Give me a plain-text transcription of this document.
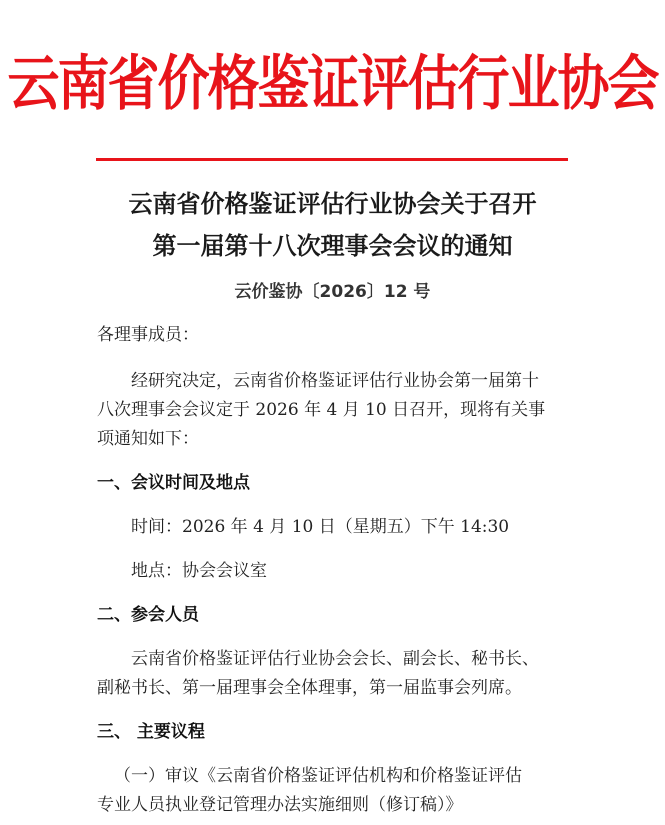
云南省价格鉴证评估行业协会
云南省价格鉴证评估行业协会关于召开
第一届第十八次理事会会议的通知
云价鉴协〔2026〕12 号
各理事成员：
经研究决定，云南省价格鉴证评估行业协会第一届第十
八次理事会会议定于 2026 年 4 月 10 日召开，现将有关事
项通知如下：
一、会议时间及地点
时间：2026 年 4 月 10 日（星期五）下午 14:30
地点：协会会议室
二、参会人员
云南省价格鉴证评估行业协会会长、副会长、秘书长、
副秘书长、第一届理事会全体理事，第一届监事会列席。
三、 主要议程
（一）审议《云南省价格鉴证评估机构和价格鉴证评估
专业人员执业登记管理办法实施细则（修订稿）》
